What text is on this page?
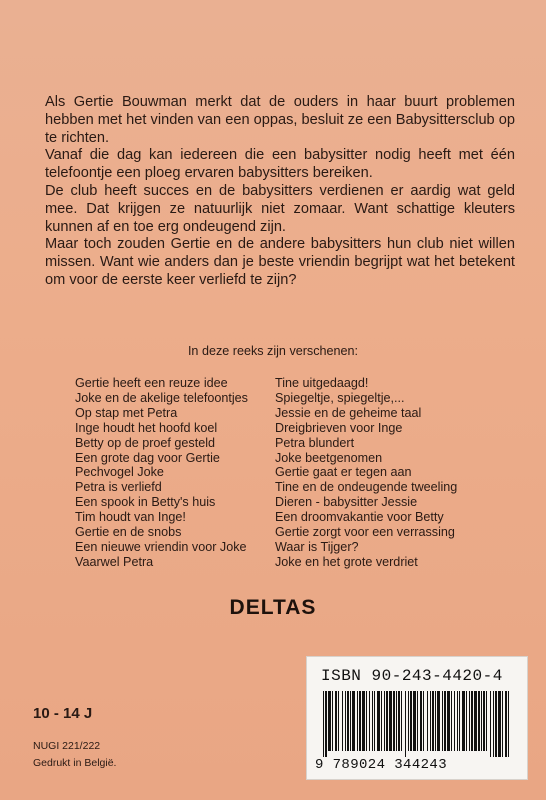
Als Gertie Bouwman merkt dat de ouders in haar buurt problemen hebben met het vinden van een oppas, besluit ze een Babysittersclub op te richten.

Vanaf die dag kan iedereen die een babysitter nodig heeft met één telefoontje een ploeg ervaren babysitters bereiken.

De club heeft succes en de babysitters verdienen er aardig wat geld mee. Dat krijgen ze natuurlijk niet zomaar. Want schattige kleuters kunnen af en toe erg ondeugend zijn.

Maar toch zouden Gertie en de andere babysitters hun club niet willen missen. Want wie anders dan je beste vriendin begrijpt wat het betekent om voor de eerste keer verliefd te zijn?

In deze reeks zijn verschenen:
Gertie heeft een reuze idee
Joke en de akelige telefoontjes
Op stap met Petra
Inge houdt het hoofd koel
Betty op de proef gesteld
Een grote dag voor Gertie
Pechvogel Joke
Petra is verliefd
Een spook in Betty's huis
Tim houdt van Inge!
Gertie en de snobs
Een nieuwe vriendin voor Joke
Vaarwel Petra
Tine uitgedaagd!
Spiegeltje, spiegeltje,...
Jessie en de geheime taal
Dreigbrieven voor Inge
Petra blundert
Joke beetgenomen
Gertie gaat er tegen aan
Tine en de ondeugende tweeling
Dieren - babysitter Jessie
Een droomvakantie voor Betty
Gertie zorgt voor een verrassing
Waar is Tijger?
Joke en het grote verdriet
DELTAS
10 - 14 J
NUGI 221/222
Gedrukt in België.
ISBN 90-243-4420-4
9 789024 344243
